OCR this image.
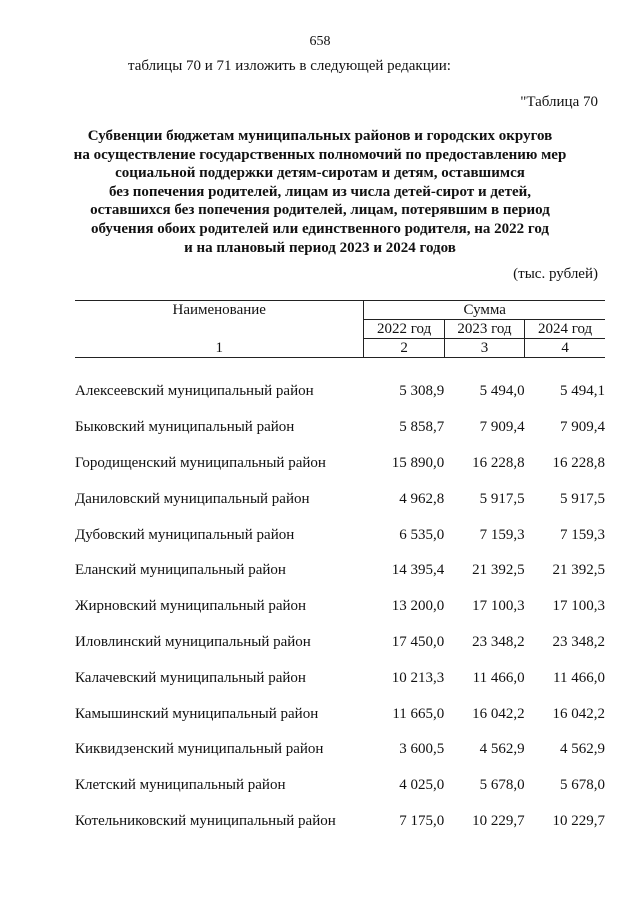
658
таблицы 70 и 71 изложить в следующей редакции:
"Таблица 70
Субвенции бюджетам муниципальных районов и городских округов
на осуществление государственных полномочий по предоставлению мер
социальной поддержки детям-сиротам и детям, оставшимся
без попечения родителей, лицам из числа детей-сирот и детей,
оставшихся без попечения родителей, лицам, потерявшим в период
обучения обоих родителей или единственного родителя, на 2022 год
и на плановый период 2023 и 2024 годов
(тыс. рублей)
Наименование	Сумма		
	2022 год	2023 год	2024 год
1	2	3	4

Алексеевский муниципальный район	5 308,9	5 494,0	5 494,1
Быковский муниципальный район	5 858,7	7 909,4	7 909,4
Городищенский муниципальный район	15 890,0	16 228,8	16 228,8
Даниловский муниципальный район	4 962,8	5 917,5	5 917,5
Дубовский муниципальный район	6 535,0	7 159,3	7 159,3
Еланский муниципальный район	14 395,4	21 392,5	21 392,5
Жирновский муниципальный район	13 200,0	17 100,3	17 100,3
Иловлинский муниципальный район	17 450,0	23 348,2	23 348,2
Калачевский муниципальный район	10 213,3	11 466,0	11 466,0
Камышинский муниципальный район	11 665,0	16 042,2	16 042,2
Киквидзенский муниципальный район	3 600,5	4 562,9	4 562,9
Клетский муниципальный район	4 025,0	5 678,0	5 678,0
Котельниковский муниципальный район	7 175,0	10 229,7	10 229,7
